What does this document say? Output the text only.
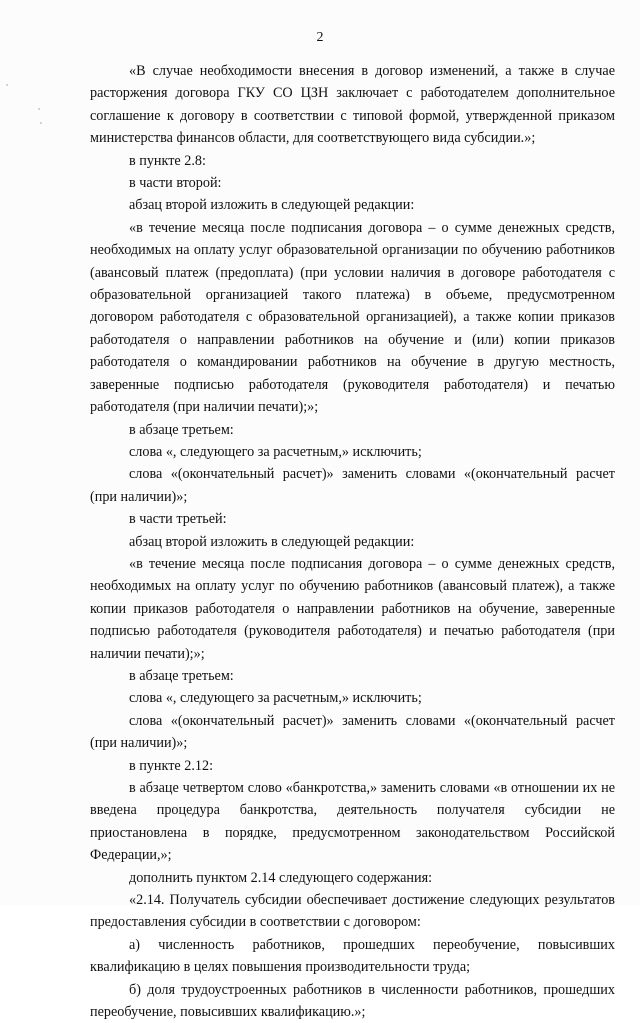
2

«В случае необходимости внесения в договор изменений, а также в случае расторжения договора ГКУ СО ЦЗН заключает с работодателем дополнительное соглашение к договору в соответствии с типовой формой, утвержденной приказом министерства финансов области, для соответствующего вида субсидии.»;

в пункте 2.8:

в части второй:

абзац второй изложить в следующей редакции:

«в течение месяца после подписания договора – о сумме денежных средств, необходимых на оплату услуг образовательной организации по обучению работников (авансовый платеж (предоплата) (при условии наличия в договоре работодателя с образовательной организацией такого платежа) в объеме, предусмотренном договором работодателя с образовательной организацией), а также копии приказов работодателя о направлении работников на обучение и (или) копии приказов работодателя о командировании работников на обучение в другую местность, заверенные подписью работодателя (руководителя работодателя) и печатью работодателя (при наличии печати);»;

в абзаце третьем:

слова «, следующего за расчетным,» исключить;

слова «(окончательный расчет)» заменить словами «(окончательный расчет (при наличии)»;

в части третьей:

абзац второй изложить в следующей редакции:

«в течение месяца после подписания договора – о сумме денежных средств, необходимых на оплату услуг по обучению работников (авансовый платеж), а также копии приказов работодателя о направлении работников на обучение, заверенные подписью работодателя (руководителя работодателя) и печатью работодателя (при наличии печати);»;

в абзаце третьем:

слова «, следующего за расчетным,» исключить;

слова «(окончательный расчет)» заменить словами «(окончательный расчет (при наличии)»;

в пункте 2.12:

в абзаце четвертом слово «банкротства,» заменить словами «в отношении их не введена процедура банкротства, деятельность получателя субсидии не приостановлена в порядке, предусмотренном законодательством Российской Федерации,»;

дополнить пунктом 2.14 следующего содержания:

«2.14. Получатель субсидии обеспечивает достижение следующих результатов предоставления субсидии в соответствии с договором:

а) численность работников, прошедших переобучение, повысивших квалификацию в целях повышения производительности труда;

б) доля трудоустроенных работников в численности работников, прошедших переобучение, повысивших квалификацию.»;
